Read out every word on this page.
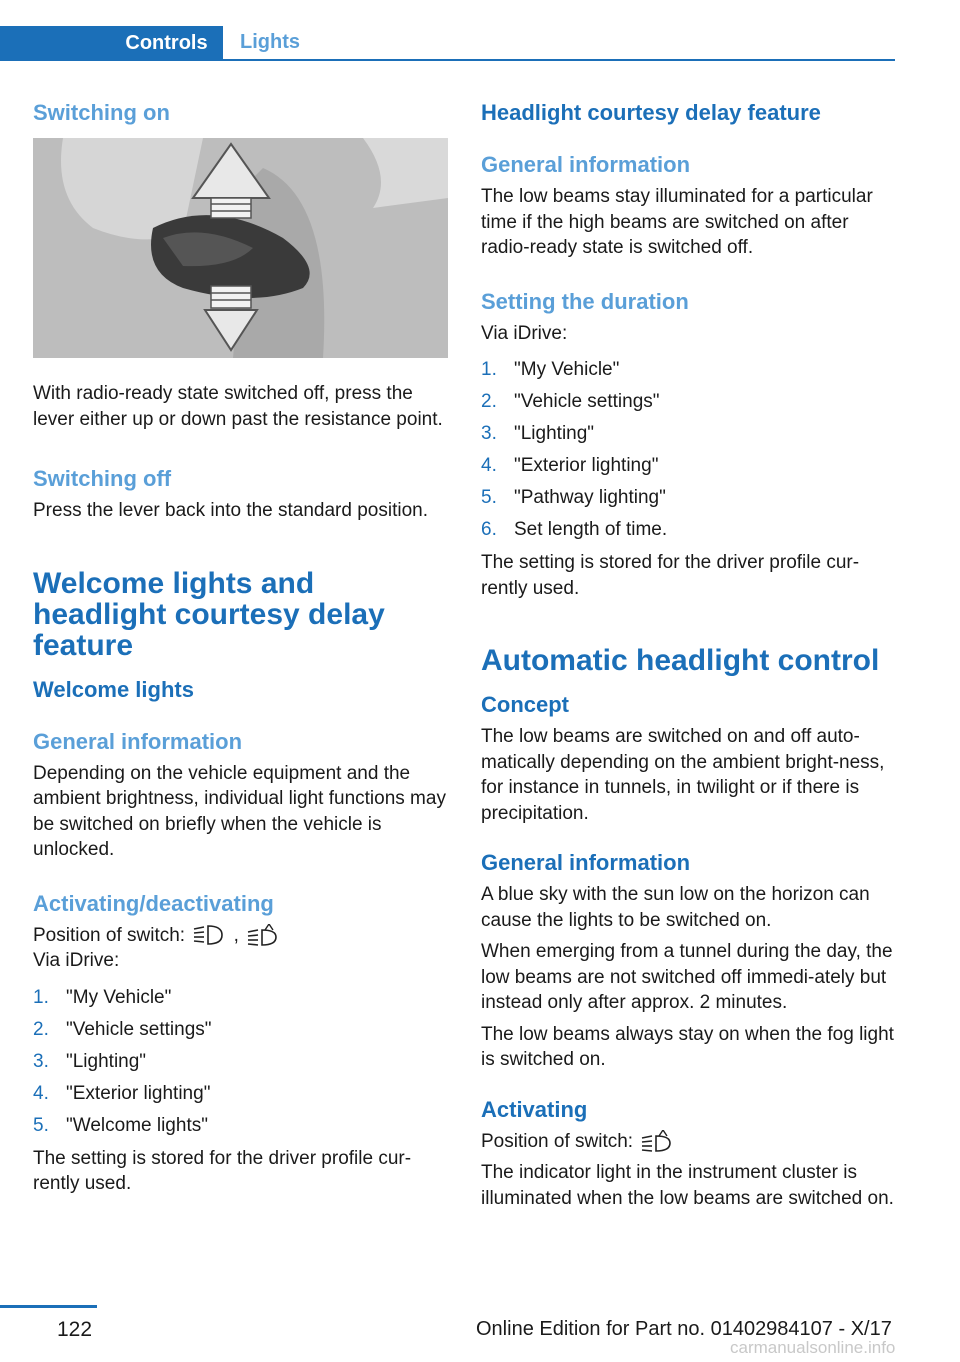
Controls	Lights
Switching on

With radio-ready state switched off, press the lever either up or down past the resistance point.

Switching off

Press the lever back into the standard position.

Welcome lights and headlight courtesy delay feature
Welcome lights
General information

Depending on the vehicle equipment and the ambient brightness, individual light functions may be switched on briefly when the vehicle is unlocked.

Activating/deactivating

Position of switch:	,

Via iDrive:

1. "My Vehicle"
2. "Vehicle settings"
3. "Lighting"
4. "Exterior lighting"
5. "Welcome lights"

The setting is stored for the driver profile cur‐rently used.

Headlight courtesy delay feature
General information

The low beams stay illuminated for a particular time if the high beams are switched on after radio-ready state is switched off.

Setting the duration

Via iDrive:

1. "My Vehicle"
2. "Vehicle settings"
3. "Lighting"
4. "Exterior lighting"
5. "Pathway lighting"
6. Set length of time.

The setting is stored for the driver profile cur‐rently used.

Automatic headlight control
Concept

The low beams are switched on and off auto‐matically depending on the ambient bright‐ness, for instance in tunnels, in twilight or if there is precipitation.

General information

A blue sky with the sun low on the horizon can cause the lights to be switched on.

When emerging from a tunnel during the day, the low beams are not switched off immedi‐ately but instead only after approx. 2 minutes.

The low beams always stay on when the fog light is switched on.

Activating

Position of switch:

The indicator light in the instrument cluster is illuminated when the low beams are switched on.

122	Online Edition for Part no. 01402984107 - X/17
carmanualsonline.info
